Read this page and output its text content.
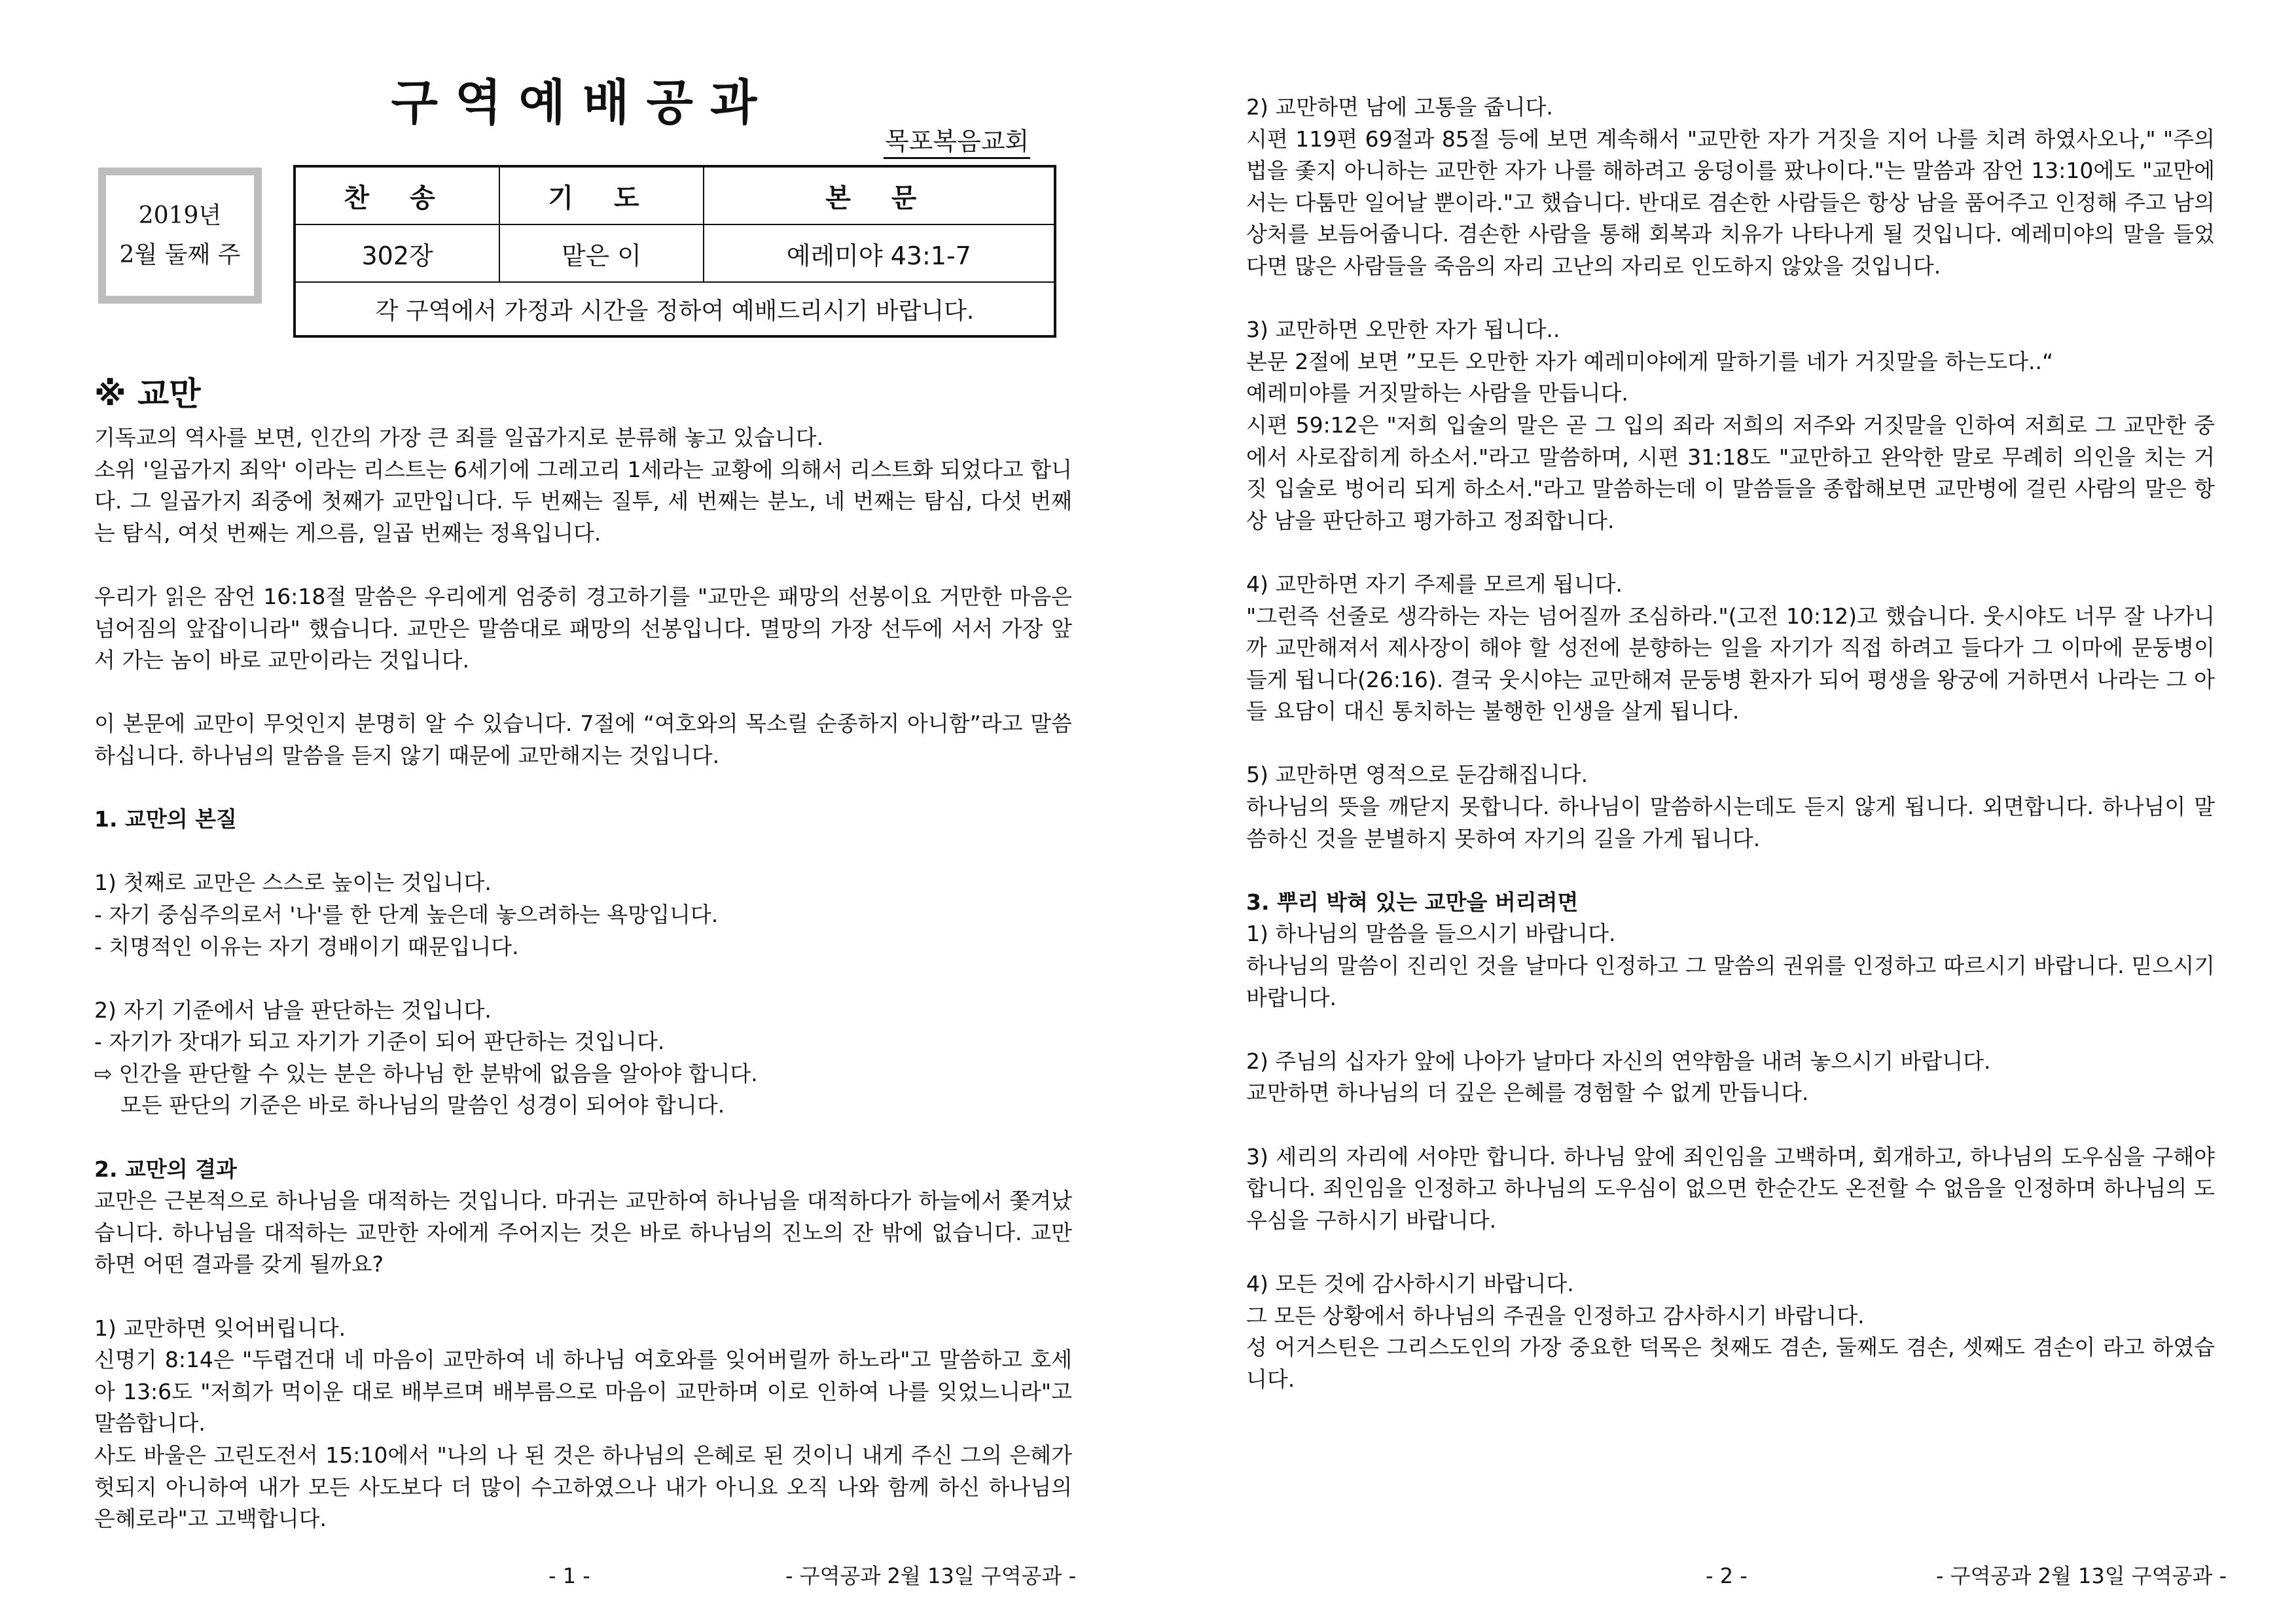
구역예배공과
목포복음교회
2019년
2월 둘째 주
찬 송	기 도	본 문
302장	맡은 이	예레미야 43:1-7
각 구역에서 가정과 시간을 정하여 예배드리시기 바랍니다.		
※ 교만

기독교의 역사를 보면, 인간의 가장 큰 죄를 일곱가지로 분류해 놓고 있습니다.

소위 '일곱가지 죄악' 이라는 리스트는 6세기에 그레고리 1세라는 교황에 의해서 리스트화 되었다고 합니다. 그 일곱가지 죄중에 첫째가 교만입니다. 두 번째는 질투, 세 번째는 분노, 네 번째는 탐심, 다섯 번째는 탐식, 여섯 번째는 게으름, 일곱 번째는 정욕입니다.

우리가 읽은 잠언 16:18절 말씀은 우리에게 엄중히 경고하기를 "교만은 패망의 선봉이요 거만한 마음은 넘어짐의 앞잡이니라" 했습니다. 교만은 말씀대로 패망의 선봉입니다. 멸망의 가장 선두에 서서 가장 앞서 가는 놈이 바로 교만이라는 것입니다.

이 본문에 교만이 무엇인지 분명히 알 수 있습니다. 7절에 “여호와의 목소릴 순종하지 아니함”라고 말씀하십니다. 하나님의 말씀을 듣지 않기 때문에 교만해지는 것입니다.

1. 교만의 본질

1) 첫째로 교만은 스스로 높이는 것입니다.

- 자기 중심주의로서 '나'를 한 단계 높은데 놓으려하는 욕망입니다.

- 치명적인 이유는 자기 경배이기 때문입니다.

2) 자기 기준에서 남을 판단하는 것입니다.

- 자기가 잣대가 되고 자기가 기준이 되어 판단하는 것입니다.

⇨ 인간을 판단할 수 있는 분은 하나님 한 분밖에 없음을 알아야 합니다.

모든 판단의 기준은 바로 하나님의 말씀인 성경이 되어야 합니다.

2. 교만의 결과

교만은 근본적으로 하나님을 대적하는 것입니다. 마귀는 교만하여 하나님을 대적하다가 하늘에서 쫓겨났습니다. 하나님을 대적하는 교만한 자에게 주어지는 것은 바로 하나님의 진노의 잔 밖에 없습니다. 교만하면 어떤 결과를 갖게 될까요?

1) 교만하면 잊어버립니다.

신명기 8:14은 "두렵건대 네 마음이 교만하여 네 하나님 여호와를 잊어버릴까 하노라"고 말씀하고 호세아 13:6도 "저희가 먹이운 대로 배부르며 배부름으로 마음이 교만하며 이로 인하여 나를 잊었느니라"고 말씀합니다.

사도 바울은 고린도전서 15:10에서 "나의 나 된 것은 하나님의 은혜로 된 것이니 내게 주신 그의 은혜가 헛되지 아니하여 내가 모든 사도보다 더 많이 수고하였으나 내가 아니요 오직 나와 함께 하신 하나님의 은혜로라"고 고백합니다.

- 1 -	- 구역공과 2월 13일 구역공과 -

2) 교만하면 남에 고통을 줍니다.

시편 119편 69절과 85절 등에 보면 계속해서 "교만한 자가 거짓을 지어 나를 치려 하였사오나," "주의 법을 좇지 아니하는 교만한 자가 나를 해하려고 웅덩이를 팠나이다."는 말씀과 잠언 13:10에도 "교만에서는 다툼만 일어날 뿐이라."고 했습니다. 반대로 겸손한 사람들은 항상 남을 품어주고 인정해 주고 남의 상처를 보듬어줍니다. 겸손한 사람을 통해 회복과 치유가 나타나게 될 것입니다. 예레미야의 말을 들었다면 많은 사람들을 죽음의 자리 고난의 자리로 인도하지 않았을 것입니다.

3) 교만하면 오만한 자가 됩니다..

본문 2절에 보면 ”모든 오만한 자가 예레미야에게 말하기를 네가 거짓말을 하는도다..“

예레미야를 거짓말하는 사람을 만듭니다.

시편 59:12은 "저희 입술의 말은 곧 그 입의 죄라 저희의 저주와 거짓말을 인하여 저희로 그 교만한 중에서 사로잡히게 하소서."라고 말씀하며, 시편 31:18도 "교만하고 완악한 말로 무례히 의인을 치는 거짓 입술로 벙어리 되게 하소서."라고 말씀하는데 이 말씀들을 종합해보면 교만병에 걸린 사람의 말은 항상 남을 판단하고 평가하고 정죄합니다.

4) 교만하면 자기 주제를 모르게 됩니다.

"그런즉 선줄로 생각하는 자는 넘어질까 조심하라."(고전 10:12)고 했습니다. 웃시야도 너무 잘 나가니까 교만해져서 제사장이 해야 할 성전에 분향하는 일을 자기가 직접 하려고 들다가 그 이마에 문둥병이 들게 됩니다(26:16). 결국 웃시야는 교만해져 문둥병 환자가 되어 평생을 왕궁에 거하면서 나라는 그 아들 요담이 대신 통치하는 불행한 인생을 살게 됩니다.

5) 교만하면 영적으로 둔감해집니다.

하나님의 뜻을 깨닫지 못합니다. 하나님이 말씀하시는데도 듣지 않게 됩니다. 외면합니다. 하나님이 말씀하신 것을 분별하지 못하여 자기의 길을 가게 됩니다.

3. 뿌리 박혀 있는 교만을 버리려면

1) 하나님의 말씀을 들으시기 바랍니다.

하나님의 말씀이 진리인 것을 날마다 인정하고 그 말씀의 권위를 인정하고 따르시기 바랍니다. 믿으시기 바랍니다.

2) 주님의 십자가 앞에 나아가 날마다 자신의 연약함을 내려 놓으시기 바랍니다.

교만하면 하나님의 더 깊은 은혜를 경험할 수 없게 만듭니다.

3) 세리의 자리에 서야만 합니다. 하나님 앞에 죄인임을 고백하며, 회개하고, 하나님의 도우심을 구해야 합니다. 죄인임을 인정하고 하나님의 도우심이 없으면 한순간도 온전할 수 없음을 인정하며 하나님의 도우심을 구하시기 바랍니다.

4) 모든 것에 감사하시기 바랍니다.

그 모든 상황에서 하나님의 주권을 인정하고 감사하시기 바랍니다.

성 어거스틴은 그리스도인의 가장 중요한 덕목은 첫째도 겸손, 둘째도 겸손, 셋째도 겸손이 라고 하였습니다.

- 2 -	- 구역공과 2월 13일 구역공과 -
